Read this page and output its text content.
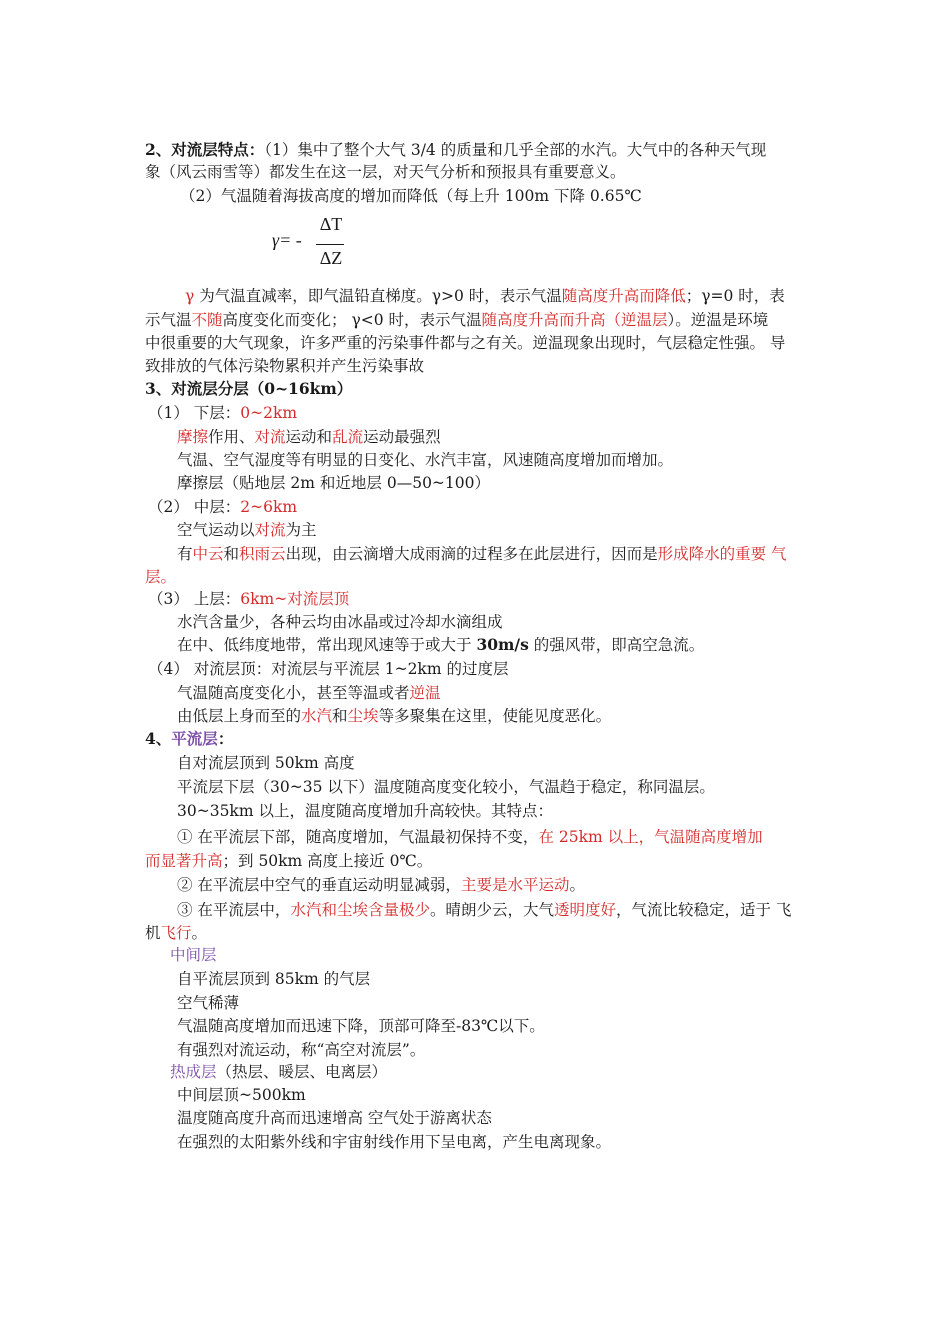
2、对流层特点：（1）集中了整个大气 3/4 的质量和几乎全部的水汽。大气中的各种天气现
象（风云雨雪等）都发生在这一层，对天气分析和预报具有重要意义。
（2）气温随着海拔高度的增加而降低（每上升 100m 下降 0.65℃
γ= -
ΔT
ΔZ
γ 为气温直减率，即气温铅直梯度。γ>0 时，表示气温随高度升高而降低；γ=0 时，表
示气温不随高度变化而变化； γ<0 时，表示气温随高度升高而升高（逆温层）。逆温是环境
中很重要的大气现象，许多严重的污染事件都与之有关。逆温现象出现时，气层稳定性强。 导
致排放的气体污染物累积并产生污染事故
3、对流层分层（0~16km）
（1） 下层：0~2km
摩擦作用、对流运动和乱流运动最强烈
气温、空气湿度等有明显的日变化、水汽丰富，风速随高度增加而增加。
摩擦层（贴地层 2m 和近地层 0—50~100）
（2） 中层：2~6km
空气运动以对流为主
有中云和积雨云出现，由云滴增大成雨滴的过程多在此层进行，因而是形成降水的重要 气
层。
（3） 上层：6km~对流层顶
水汽含量少，各种云均由冰晶或过冷却水滴组成
在中、低纬度地带，常出现风速等于或大于 30m/s 的强风带，即高空急流。
（4） 对流层顶：对流层与平流层 1~2km 的过度层
气温随高度变化小，甚至等温或者逆温
由低层上身而至的水汽和尘埃等多聚集在这里，使能见度恶化。
4、平流层：
自对流层顶到 50km 高度
平流层下层（30~35 以下）温度随高度变化较小，气温趋于稳定，称同温层。
30~35km 以上，温度随高度增加升高较快。其特点：
① 在平流层下部，随高度增加，气温最初保持不变，在 25km 以上，气温随高度增加
而显著升高；到 50km 高度上接近 0℃。
② 在平流层中空气的垂直运动明显减弱，主要是水平运动。
③ 在平流层中，水汽和尘埃含量极少。晴朗少云，大气透明度好，气流比较稳定，适于 飞
机飞行。
中间层
自平流层顶到 85km 的气层
空气稀薄
气温随高度增加而迅速下降，顶部可降至-83℃以下。
有强烈对流运动，称“高空对流层”。
热成层（热层、暖层、电离层）
中间层顶~500km
温度随高度升高而迅速增高 空气处于游离状态
在强烈的太阳紫外线和宇宙射线作用下呈电离，产生电离现象。
